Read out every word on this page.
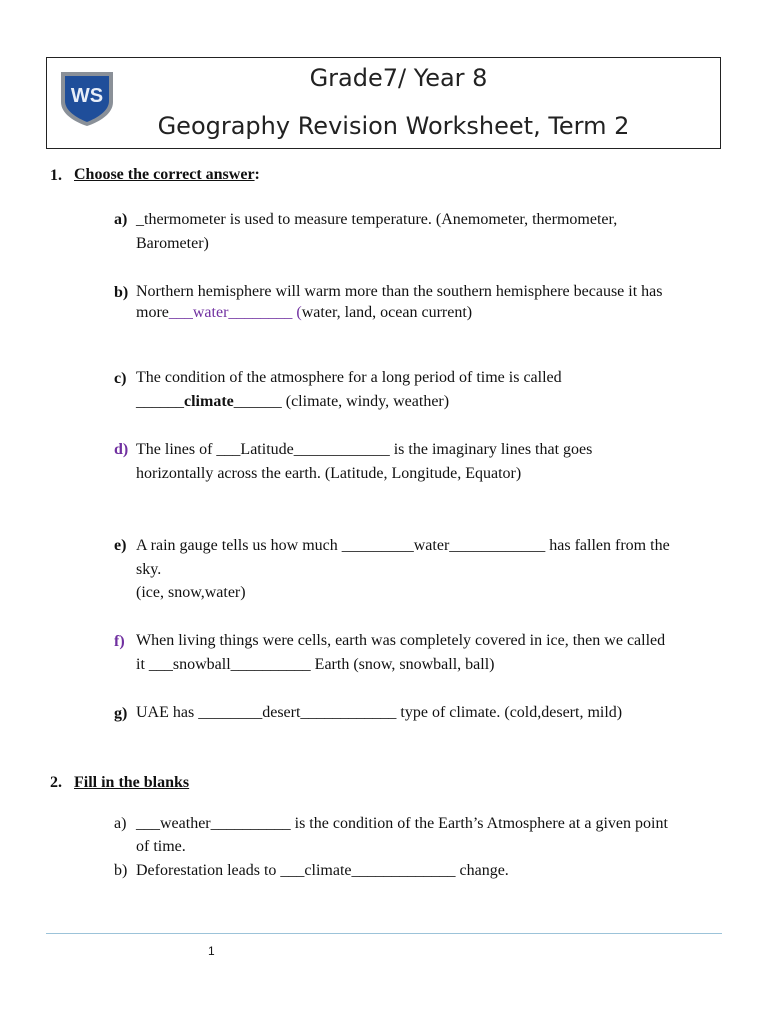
WS
Grade7/ Year 8
Geography Revision Worksheet, Term 2
1. Choose the correct answer:
a) _thermometer is used to measure temperature. (Anemometer, thermometer,
Barometer)
b) Northern hemisphere will warm more than the southern hemisphere because it has
more___water________ (water, land, ocean current)
c) The condition of the atmosphere for a long period of time is called
______climate______ (climate, windy, weather)
d) The lines of ___Latitude____________ is the imaginary lines that goes
horizontally across the earth. (Latitude, Longitude, Equator)
e) A rain gauge tells us how much _________water____________ has fallen from the
sky.
(ice, snow,water)
f) When living things were cells, earth was completely covered in ice, then we called
it ___snowball__________ Earth (snow, snowball, ball)
g) UAE has ________desert____________ type of climate. (cold,desert, mild)
2. Fill in the blanks
a) ___weather__________ is the condition of the Earth’s Atmosphere at a given point
of time.
b) Deforestation leads to ___climate_____________ change.
1
